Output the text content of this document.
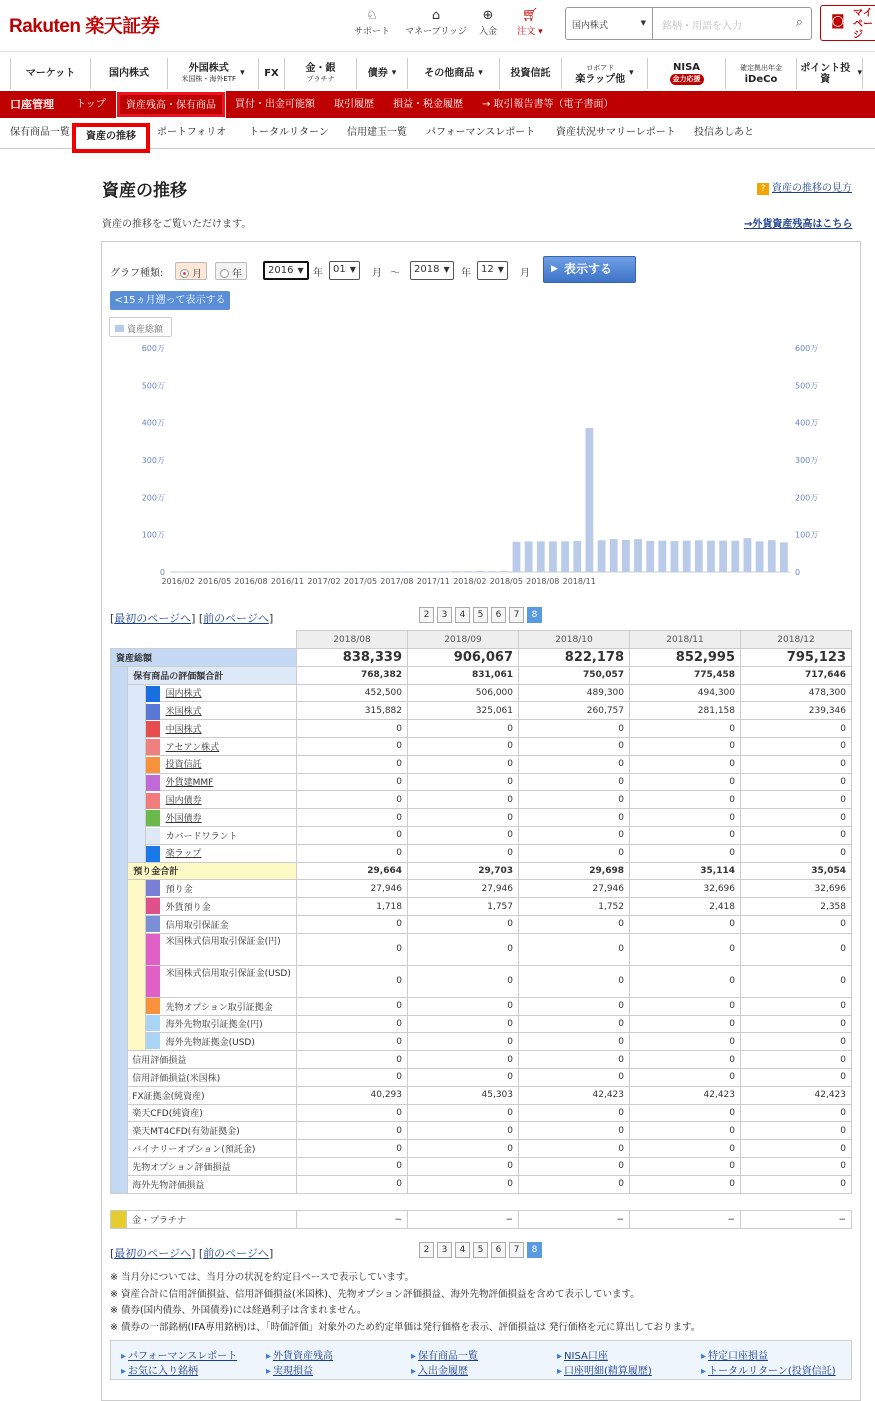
Rakuten 楽天証券
♘
サポート
⌂
マネーブリッジ
⊕
入金
🛒︎
注文 ▾
国内株式	▼	銘柄・用語を入力	⌕ ◙ マイページ
マーケット	国内株式	外国株式
米国株・海外ETF
▾ FX	金・銀
プラチナ	債券 ▾	その他商品 ▾	投資信託
ロボアド
楽ラップ他
▾	NISA
金力応援
確定拠出年金
iDeCo
ポイント投資
▾
口座管理 トップ	資産残高・保有商品	買付・出金可能額 取引履歴 損益・税金履歴 → 取引報告書等（電子書面）
保有商品一覧	資産の推移	ポートフォリオ トータルリターン 信用建玉一覧 パフォーマンスレポート 資産状況サマリーレポート 投信あしあと
資産の推移	? 資産の推移の見方
資産の推移をご覧いただけます。	→外貨資産残高はこちら
グラフ種類:	月	年	2016 ▼ 年	01 ▼	月 〜	2018 ▼	年	12 ▼	月 ▶ 表示する
<15ヵ月遡って表示する
資産総額
0	0
100万	100万
200万	200万
300万	300万
400万	400万
500万	500万
600万	600万
2016/02 2016/05 2016/08 2016/11 2017/02 2017/05 2017/08 2017/11 2018/02 2018/05 2018/08 2018/11
[最初のページへ] [前のページへ]	2	3	4	5	6	7	8
			2018/08	2018/09	2018/10	2018/11	2018/12
資産総額			838,339	906,067	822,178	852,995	795,123
	保有商品の評価額合計		768,382	831,061	750,057	775,458	717,646
		国内株式	452,500	506,000	489,300	494,300	478,300
		米国株式	315,882	325,061	260,757	281,158	239,346
		中国株式	0	0	0	0	0
		アセアン株式	0	0	0	0	0
		投資信託	0	0	0	0	0
		外貨建MMF	0	0	0	0	0
		国内債券	0	0	0	0	0
		外国債券	0	0	0	0	0
		カバードワラント	0	0	0	0	0
		楽ラップ	0	0	0	0	0
	預り金合計		29,664	29,703	29,698	35,114	35,054

預り金	27,946	27,946	27,946	32,696	32,696

外貨預り金	1,718	1,757	1,752	2,418	2,358

信用取引保証金	0	0	0	0	0

米国株式信用取引保証金(円)	0	0	0	0	0

米国株式信用取引保証金(USD)	0	0	0	0	0

先物オプション取引証拠金	0	0	0	0	0

海外先物取引証拠金(円)	0	0	0	0	0

海外先物証拠金(USD)	0	0	0	0	0
	信用評価損益		0	0	0	0	0
	信用評価損益(米国株)		0	0	0	0	0
	FX証拠金(純資産)		40,293	45,303	42,423	42,423	42,423
	楽天CFD(純資産)		0	0	0	0	0
	楽天MT4CFD(有効証拠金)		0	0	0	0	0
	バイナリーオプション(預託金)		0	0	0	0	0
	先物オプション評価損益		0	0	0	0	0
	海外先物評価損益		0	0	0	0	0
	金・プラチナ	−	−	−	−	−
[最初のページへ] [前のページへ]	2	3	4	5	6	7	8
※ 当月分については、当月分の状況を約定日ベースで表示しています。
※ 資産合計に信用評価損益、信用評価損益(米国株)、先物オプション評価損益、海外先物評価損益を含めて表示しています。
※ 債券(国内債券、外国債券)には経過利子は含まれません。
※ 債券の一部銘柄(IFA専用銘柄)は、「時価評価」対象外のため約定単価は発行価格を表示、評価損益は 発行価格を元に算出しております。
▸ パフォーマンスレポート	▸ 外貨資産残高	▸ 保有商品一覧	▸ NISA口座	▸ 特定口座損益
▸ お気に入り銘柄	▸ 実現損益	▸ 入出金履歴	▸ 口座明細(精算履歴)	▸ トータルリターン(投資信託)
